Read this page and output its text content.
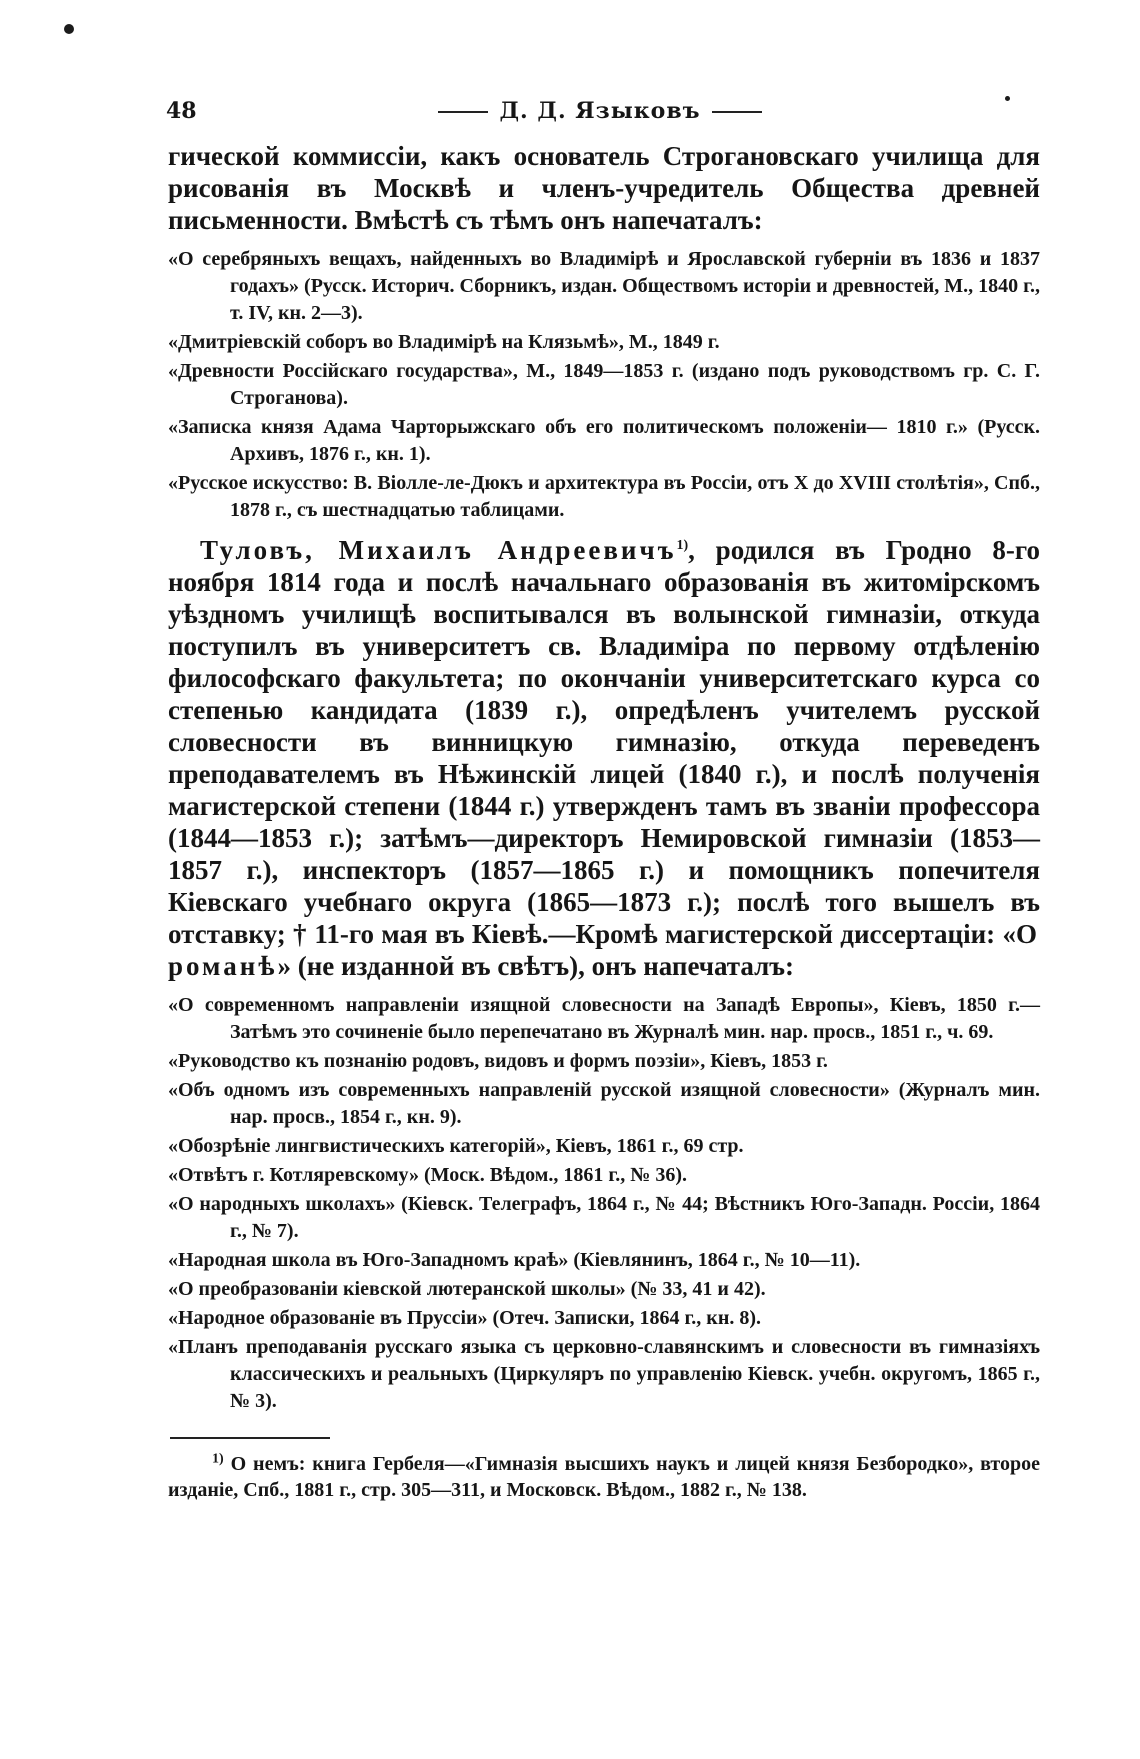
48	Д. Д. Языковъ

гической коммиссіи, какъ основатель Строгановскаго училища для рисованія въ Москвѣ и членъ-учредитель Общества древней письменности. Вмѣстѣ съ тѣмъ онъ напечаталъ:

«О серебряныхъ вещахъ, найденныхъ во Владимірѣ и Ярославской губерніи въ 1836 и 1837 годахъ» (Русск. Историч. Сборникъ, издан. Обществомъ исторіи и древностей, М., 1840 г., т. IV, кн. 2—3).

«Дмитріевскій соборъ во Владимірѣ на Клязьмѣ», М., 1849 г.

«Древности Россійскаго государства», М., 1849—1853 г. (издано подъ руководствомъ гр. С. Г. Строганова).

«Записка князя Адама Чарторыжскаго объ его политическомъ положеніи— 1810 г.» (Русск. Архивъ, 1876 г., кн. 1).

«Русское искусство: В. Віолле-ле-Дюкъ и архитектура въ Россіи, отъ X до XVIII столѣтія», Спб., 1878 г., съ шестнадцатью таблицами.

Туловъ, Михаилъ Андреевичъ$^{1)}$, родился въ Гродно 8-го ноября 1814 года и послѣ начальнаго образованія въ житомірскомъ уѣздномъ училищѣ воспитывался въ волынской гимназіи, откуда поступилъ въ университетъ св. Владиміра по первому отдѣленію философскаго факультета; по окончаніи университетскаго курса со степенью кандидата (1839 г.), опредѣленъ учителемъ русской словесности въ винницкую гимназію, откуда переведенъ преподавателемъ въ Нѣжинскій лицей (1840 г.), и послѣ полученія магистерской степени (1844 г.) утвержденъ тамъ въ званіи профессора (1844—1853 г.); затѣмъ—директоръ Немировской гимназіи (1853—1857 г.), инспекторъ (1857—1865 г.) и помощникъ попечителя Кіевскаго учебнаго округа (1865—1873 г.); послѣ того вышелъ въ отставку; † 11-го мая въ Кіевѣ.—Кромѣ магистерской диссертаціи: «О романѣ» (не изданной въ свѣтъ), онъ напечаталъ:

«О современномъ направленіи изящной словесности на Западѣ Европы», Кіевъ, 1850 г.—Затѣмъ это сочиненіе было перепечатано въ Журналѣ мин. нар. просв., 1851 г., ч. 69.

«Руководство къ познанію родовъ, видовъ и формъ поэзіи», Кіевъ, 1853 г.

«Объ одномъ изъ современныхъ направленій русской изящной словесности» (Журналъ мин. нар. просв., 1854 г., кн. 9).

«Обозрѣніе лингвистическихъ категорій», Кіевъ, 1861 г., 69 стр.

«Отвѣтъ г. Котляревскому» (Моск. Вѣдом., 1861 г., № 36).

«О народныхъ школахъ» (Кіевск. Телеграфъ, 1864 г., № 44; Вѣстникъ Юго-Западн. Россіи, 1864 г., № 7).

«Народная школа въ Юго-Западномъ краѣ» (Кіевлянинъ, 1864 г., № 10—11).

«О преобразованіи кіевской лютеранской школы» (№ 33, 41 и 42).

«Народное образованіе въ Пруссіи» (Отеч. Записки, 1864 г., кн. 8).

«Планъ преподаванія русскаго языка съ церковно-славянскимъ и словесности въ гимназіяхъ классическихъ и реальныхъ (Циркуляръ по управленію Кіевск. учебн. округомъ, 1865 г., № 3).

$^{1)}$ О немъ: книга Гербеля—«Гимназія высшихъ наукъ и лицей князя Безбородко», второе изданіе, Спб., 1881 г., стр. 305—311, и Московск. Вѣдом., 1882 г., № 138.
